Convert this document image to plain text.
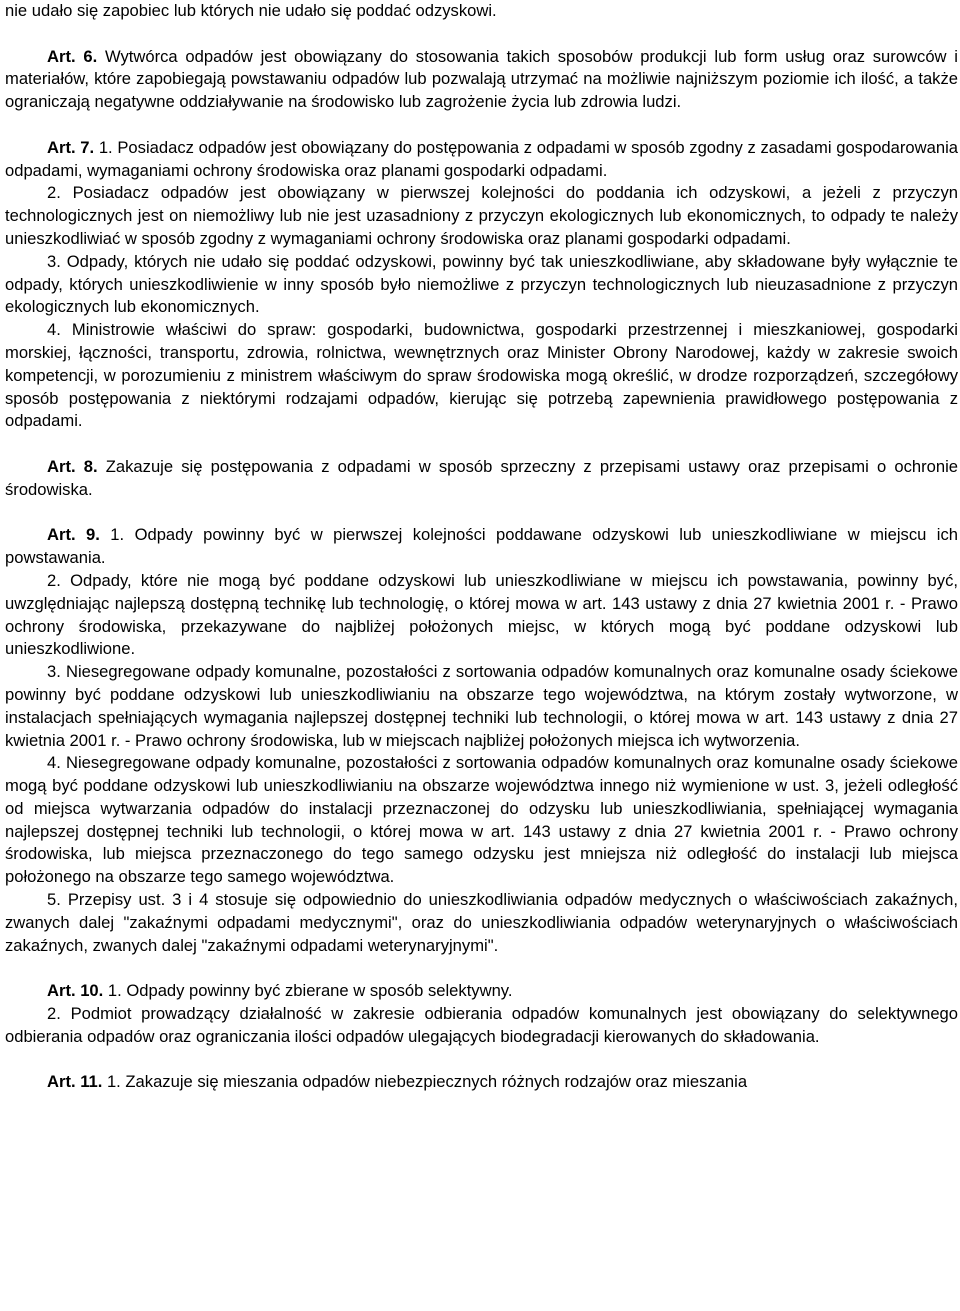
nie udało się zapobiec lub których nie udało się poddać odzyskowi.

Art. 6. Wytwórca odpadów jest obowiązany do stosowania takich sposobów produkcji lub form usług oraz surowców i materiałów, które zapobiegają powstawaniu odpadów lub pozwalają utrzymać na możliwie najniższym poziomie ich ilość, a także ograniczają negatywne oddziaływanie na środowisko lub zagrożenie życia lub zdrowia ludzi.

Art. 7. 1. Posiadacz odpadów jest obowiązany do postępowania z odpadami w sposób zgodny z zasadami gospodarowania odpadami, wymaganiami ochrony środowiska oraz planami gospodarki odpadami.

2. Posiadacz odpadów jest obowiązany w pierwszej kolejności do poddania ich odzyskowi, a jeżeli z przyczyn technologicznych jest on niemożliwy lub nie jest uzasadniony z przyczyn ekologicznych lub ekonomicznych, to odpady te należy unieszkodliwiać w sposób zgodny z wymaganiami ochrony środowiska oraz planami gospodarki odpadami.

3. Odpady, których nie udało się poddać odzyskowi, powinny być tak unieszkodliwiane, aby składowane były wyłącznie te odpady, których unieszkodliwienie w inny sposób było niemożliwe z przyczyn technologicznych lub nieuzasadnione z przyczyn ekologicznych lub ekonomicznych.

4. Ministrowie właściwi do spraw: gospodarki, budownictwa, gospodarki przestrzennej i mieszkaniowej, gospodarki morskiej, łączności, transportu, zdrowia, rolnictwa, wewnętrznych oraz Minister Obrony Narodowej, każdy w zakresie swoich kompetencji, w porozumieniu z ministrem właściwym do spraw środowiska mogą określić, w drodze rozporządzeń, szczegółowy sposób postępowania z niektórymi rodzajami odpadów, kierując się potrzebą zapewnienia prawidłowego postępowania z odpadami.

Art. 8. Zakazuje się postępowania z odpadami w sposób sprzeczny z przepisami ustawy oraz przepisami o ochronie środowiska.

Art. 9. 1. Odpady powinny być w pierwszej kolejności poddawane odzyskowi lub unieszkodliwiane w miejscu ich powstawania.

2. Odpady, które nie mogą być poddane odzyskowi lub unieszkodliwiane w miejscu ich powstawania, powinny być, uwzględniając najlepszą dostępną technikę lub technologię, o której mowa w art. 143 ustawy z dnia 27 kwietnia 2001 r. - Prawo ochrony środowiska, przekazywane do najbliżej położonych miejsc, w których mogą być poddane odzyskowi lub unieszkodliwione.

3. Niesegregowane odpady komunalne, pozostałości z sortowania odpadów komunalnych oraz komunalne osady ściekowe powinny być poddane odzyskowi lub unieszkodliwianiu na obszarze tego województwa, na którym zostały wytworzone, w instalacjach spełniających wymagania najlepszej dostępnej techniki lub technologii, o której mowa w art. 143 ustawy z dnia 27 kwietnia 2001 r. - Prawo ochrony środowiska, lub w miejscach najbliżej położonych miejsca ich wytworzenia.

4. Niesegregowane odpady komunalne, pozostałości z sortowania odpadów komunalnych oraz komunalne osady ściekowe mogą być poddane odzyskowi lub unieszkodliwianiu na obszarze województwa innego niż wymienione w ust. 3, jeżeli odległość od miejsca wytwarzania odpadów do instalacji przeznaczonej do odzysku lub unieszkodliwiania, spełniającej wymagania najlepszej dostępnej techniki lub technologii, o której mowa w art. 143 ustawy z dnia 27 kwietnia 2001 r. - Prawo ochrony środowiska, lub miejsca przeznaczonego do tego samego odzysku jest mniejsza niż odległość do instalacji lub miejsca położonego na obszarze tego samego województwa.

5. Przepisy ust. 3 i 4 stosuje się odpowiednio do unieszkodliwiania odpadów medycznych o właściwościach zakaźnych, zwanych dalej "zakaźnymi odpadami medycznymi", oraz do unieszkodliwiania odpadów weterynaryjnych o właściwościach zakaźnych, zwanych dalej "zakaźnymi odpadami weterynaryjnymi".

Art. 10. 1. Odpady powinny być zbierane w sposób selektywny.

2. Podmiot prowadzący działalność w zakresie odbierania odpadów komunalnych jest obowiązany do selektywnego odbierania odpadów oraz ograniczania ilości odpadów ulegających biodegradacji kierowanych do składowania.

Art. 11. 1. Zakazuje się mieszania odpadów niebezpiecznych różnych rodzajów oraz mieszania
